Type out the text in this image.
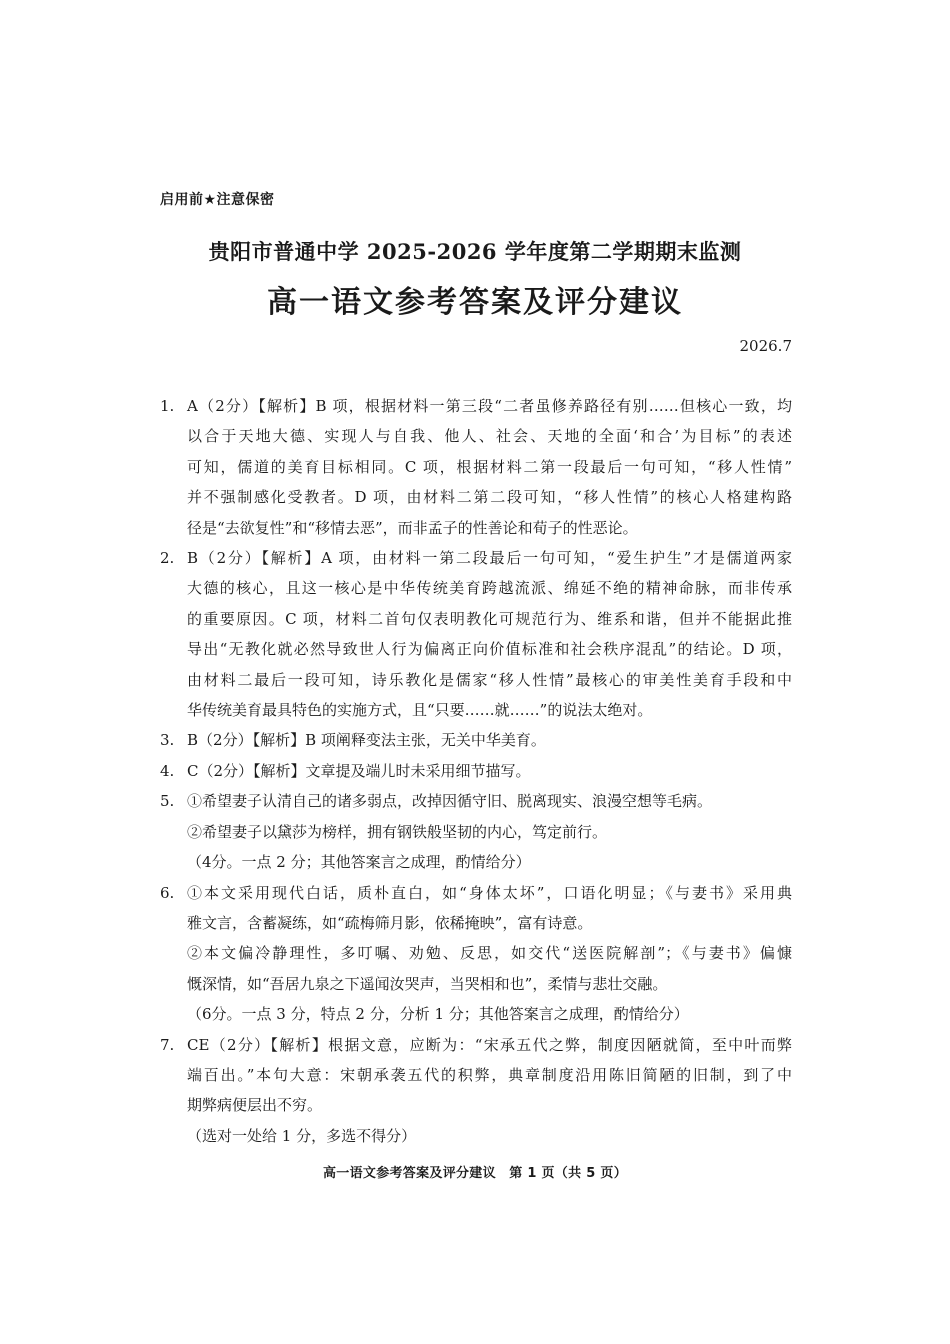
启用前★注意保密
贵阳市普通中学 2025-2026 学年度第二学期期末监测
高一语文参考答案及评分建议
2026.7
1. A（2分）【解析】B 项，根据材料一第三段“二者虽修养路径有别……但核心一致，均
以合于天地大德、实现人与自我、他人、社会、天地的全面‘和合’为目标”的表述
可知，儒道的美育目标相同。C 项，根据材料二第一段最后一句可知，“移人性情”
并不强制感化受教者。D 项，由材料二第二段可知，“移人性情”的核心人格建构路
径是“去欲复性”和“移情去恶”，而非孟子的性善论和荀子的性恶论。
2. B（2分）【解析】A 项，由材料一第二段最后一句可知，“爱生护生”才是儒道两家
大德的核心，且这一核心是中华传统美育跨越流派、绵延不绝的精神命脉，而非传承
的重要原因。C 项，材料二首句仅表明教化可规范行为、维系和谐，但并不能据此推
导出“无教化就必然导致世人行为偏离正向价值标准和社会秩序混乱”的结论。D 项，
由材料二最后一段可知，诗乐教化是儒家“移人性情”最核心的审美性美育手段和中
华传统美育最具特色的实施方式，且“只要……就……”的说法太绝对。
3. B（2分）【解析】B 项阐释变法主张，无关中华美育。
4. C（2分）【解析】文章提及端儿时未采用细节描写。
5. ①希望妻子认清自己的诸多弱点，改掉因循守旧、脱离现实、浪漫空想等毛病。
②希望妻子以黛莎为榜样，拥有钢铁般坚韧的内心，笃定前行。
（4分。一点 2 分；其他答案言之成理，酌情给分）
6. ①本文采用现代白话，质朴直白，如“身体太坏”，口语化明显；《与妻书》采用典
雅文言，含蓄凝练，如“疏梅筛月影，依稀掩映”，富有诗意。
②本文偏冷静理性，多叮嘱、劝勉、反思，如交代“送医院解剖”；《与妻书》偏慷
慨深情，如“吾居九泉之下遥闻汝哭声，当哭相和也”，柔情与悲壮交融。
（6分。一点 3 分，特点 2 分，分析 1 分；其他答案言之成理，酌情给分）
7. CE（2分）【解析】根据文意，应断为：“宋承五代之弊，制度因陋就简，至中叶而弊
端百出。”本句大意：宋朝承袭五代的积弊，典章制度沿用陈旧简陋的旧制，到了中
期弊病便层出不穷。
（选对一处给 1 分，多选不得分）
高一语文参考答案及评分建议　第 1 页（共 5 页）
